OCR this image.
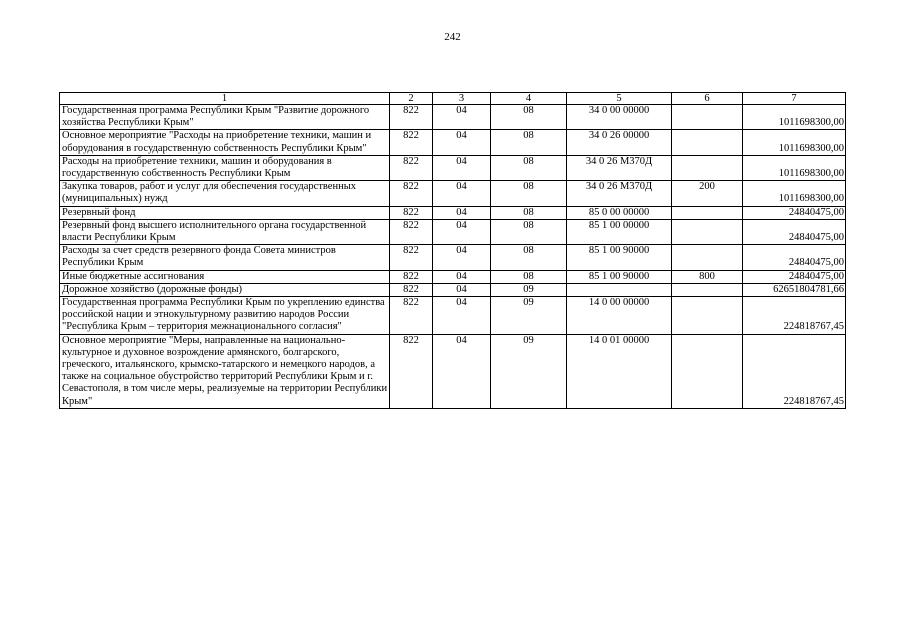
242
1	2	3	4	5	6	7
Государственная программа Республики Крым "Развитие дорожного хозяйства Республики Крым"	822	04	08	34 0 00 00000		1011698300,00
Основное мероприятие "Расходы на приобретение техники, машин и оборудования в государственную собственность Республики Крым"	822	04	08	34 0 26 00000		1011698300,00
Расходы на приобретение техники, машин и оборудования в государственную собственность Республики Крым	822	04	08	34 0 26 М370Д		1011698300,00
Закупка товаров, работ и услуг для обеспечения государственных (муниципальных) нужд	822	04	08	34 0 26 М370Д	200	1011698300,00
Резервный фонд	822	04	08	85 0 00 00000		24840475,00
Резервный фонд высшего исполнительного органа государственной власти Республики Крым	822	04	08	85 1 00 00000		24840475,00
Расходы за счет средств резервного фонда Совета министров Республики Крым	822	04	08	85 1 00 90000		24840475,00
Иные бюджетные ассигнования	822	04	08	85 1 00 90000	800	24840475,00
Дорожное хозяйство (дорожные фонды)	822	04	09			62651804781,66
Государственная программа Республики Крым по укреплению единства российской нации и этнокультурному развитию народов России "Республика Крым – территория межнационального согласия"	822	04	09	14 0 00 00000		224818767,45
Основное мероприятие "Меры, направленные на национально-культурное и духовное возрождение армянского, болгарского, греческого, итальянского, крымско-татарского и немецкого народов, а также на социальное обустройство территорий Республики Крым и г. Севастополя, в том числе меры, реализуемые на территории Республики Крым"	822	04	09	14 0 01 00000		224818767,45
